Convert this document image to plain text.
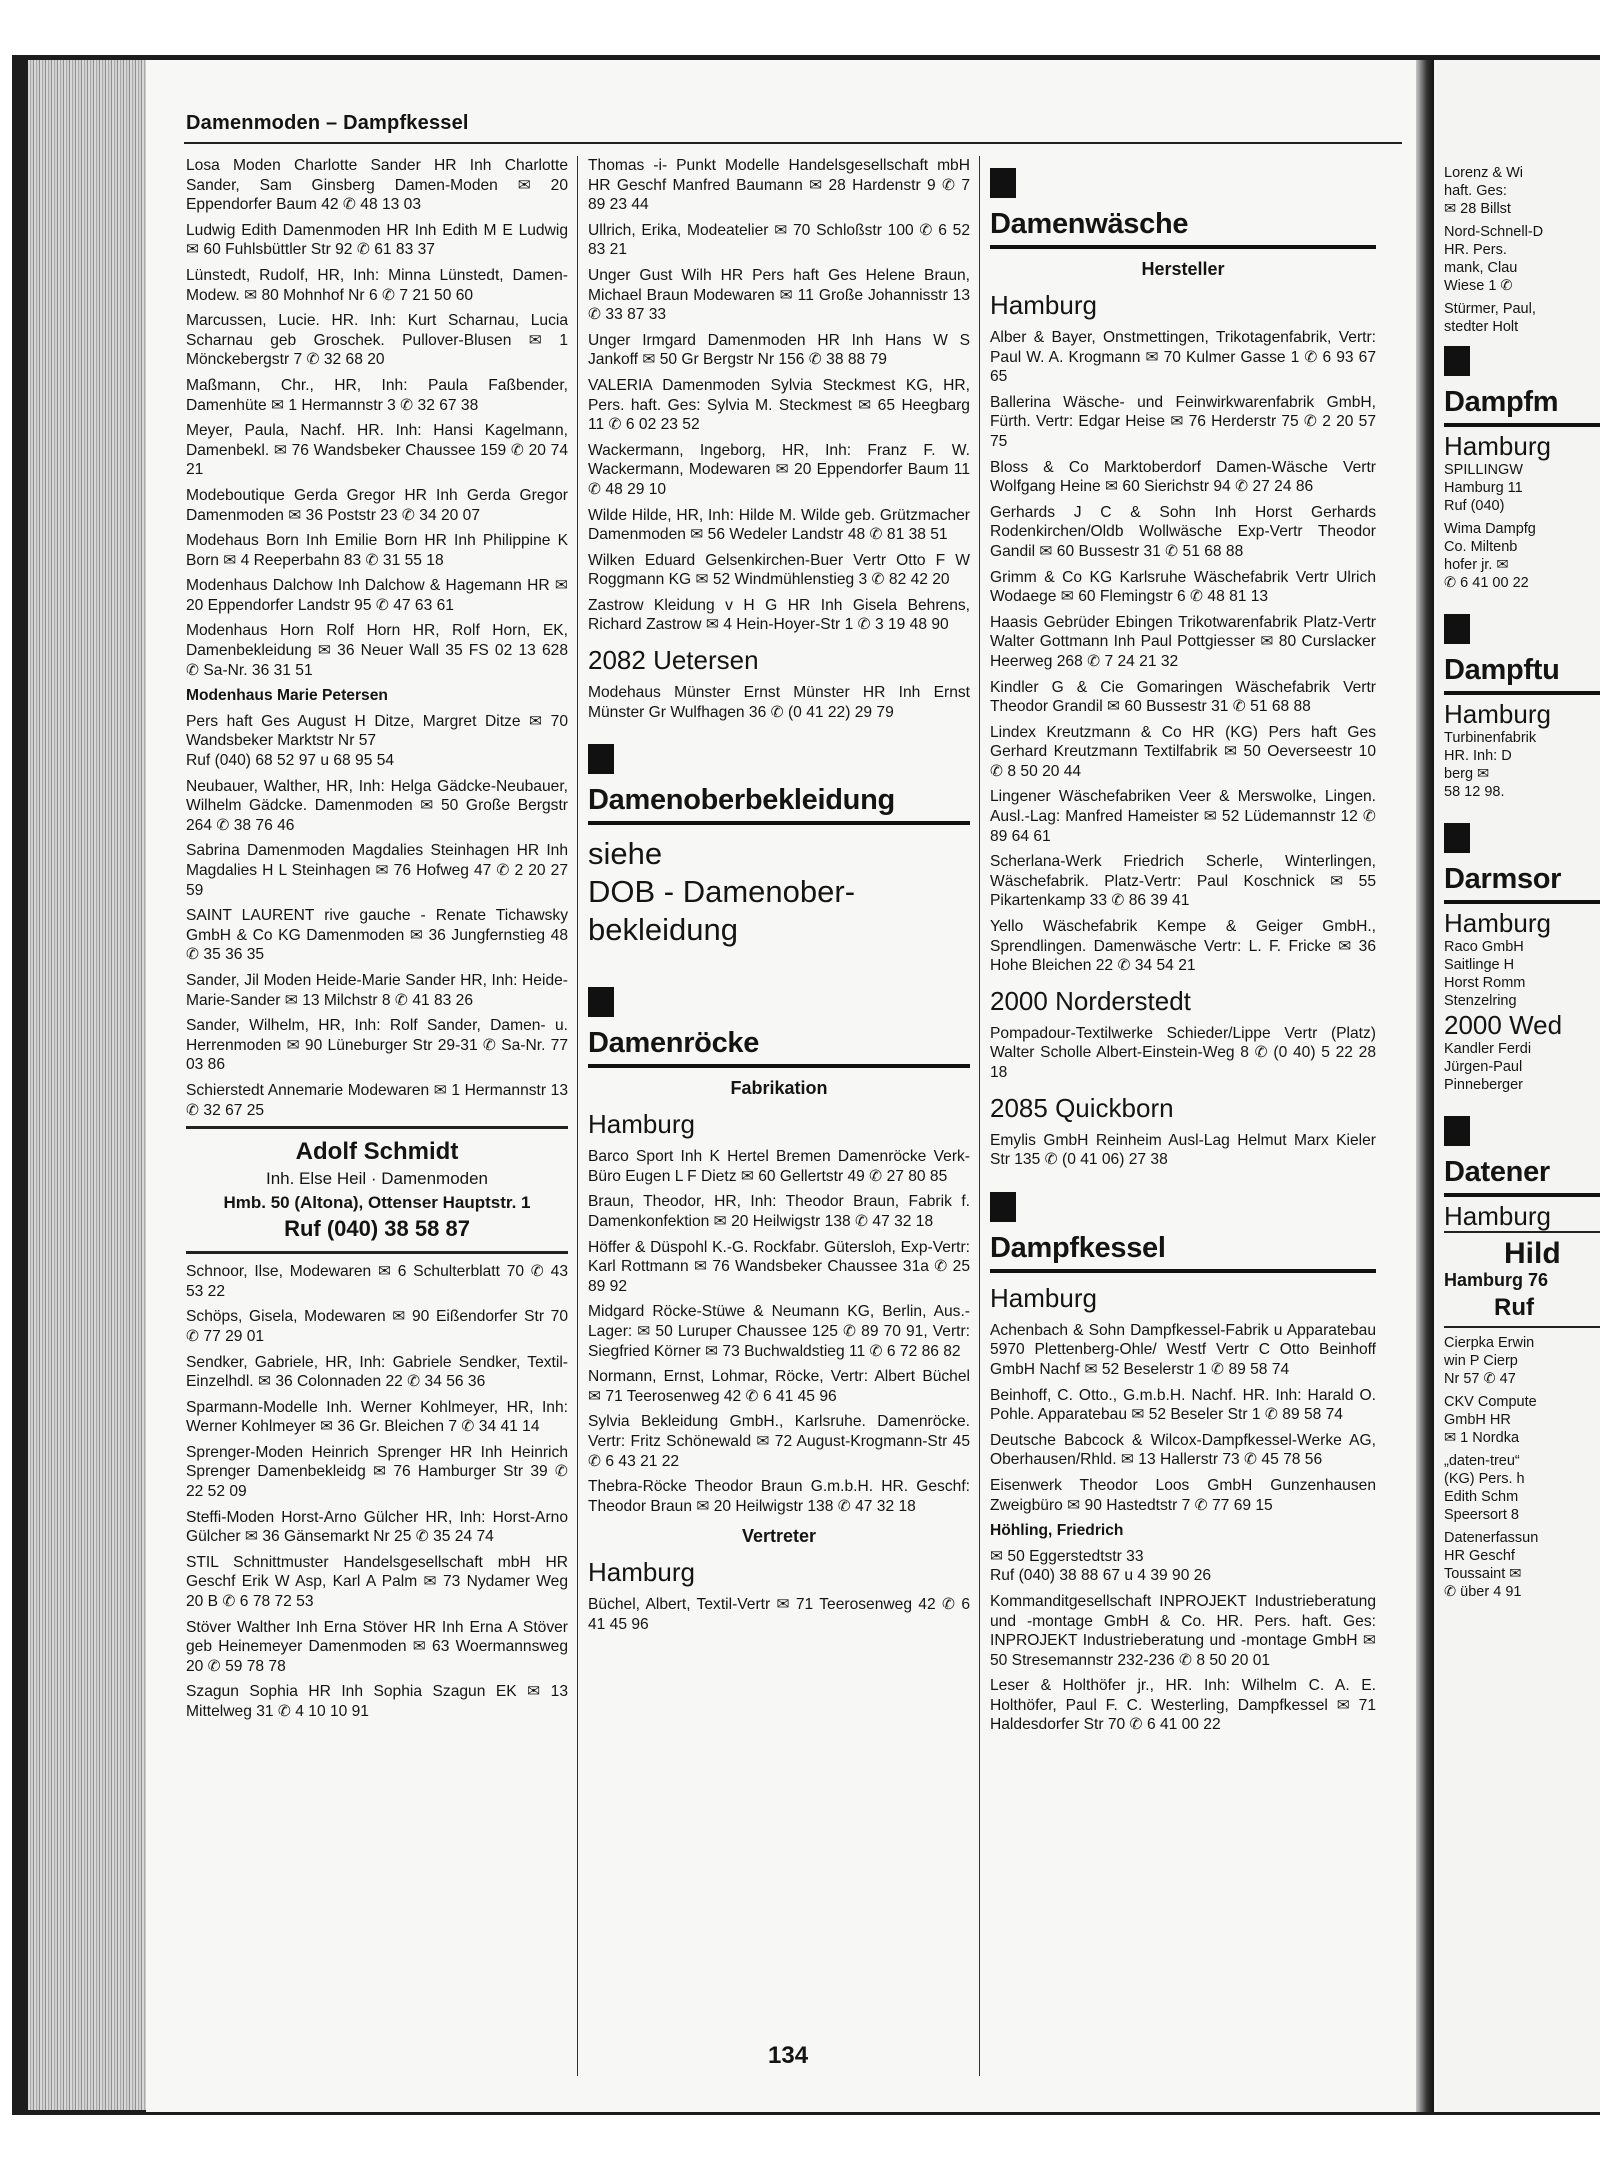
Damenmoden – Dampfkessel
Losa Moden Charlotte Sander HR Inh Charlotte Sander, Sam Ginsberg Damen-Moden ✉ 20 Eppendorfer Baum 42 ✆ 48 13 03
Ludwig Edith Damenmoden HR Inh Edith M E Ludwig ✉ 60 Fuhlsbüttler Str 92 ✆ 61 83 37
Lünstedt, Rudolf, HR, Inh: Minna Lünstedt, Damen-Modew. ✉ 80 Mohnhof Nr 6 ✆ 7 21 50 60
Marcussen, Lucie. HR. Inh: Kurt Scharnau, Lucia Scharnau geb Groschek. Pullover-Blusen ✉ 1 Mönckebergstr 7 ✆ 32 68 20
Maßmann, Chr., HR, Inh: Paula Faßbender, Damenhüte ✉ 1 Hermannstr 3 ✆ 32 67 38
Meyer, Paula, Nachf. HR. Inh: Hansi Kagelmann, Damenbekl. ✉ 76 Wandsbeker Chaussee 159 ✆ 20 74 21
Modeboutique Gerda Gregor HR Inh Gerda Gregor Damenmoden ✉ 36 Poststr 23 ✆ 34 20 07
Modehaus Born Inh Emilie Born HR Inh Philippine K Born ✉ 4 Reeperbahn 83 ✆ 31 55 18
Modenhaus Dalchow Inh Dalchow & Hagemann HR ✉ 20 Eppendorfer Landstr 95 ✆ 47 63 61
Modenhaus Horn Rolf Horn HR, Rolf Horn, EK, Damenbekleidung ✉ 36 Neuer Wall 35 FS 02 13 628 ✆ Sa-Nr. 36 31 51
Modenhaus Marie Petersen
Pers haft Ges August H Ditze, Margret Ditze ✉ 70 Wandsbeker Marktstr Nr 57
Ruf (040) 68 52 97 u 68 95 54
Neubauer, Walther, HR, Inh: Helga Gädcke-Neubauer, Wilhelm Gädcke. Damenmoden ✉ 50 Große Bergstr 264 ✆ 38 76 46
Sabrina Damenmoden Magdalies Steinhagen HR Inh Magdalies H L Steinhagen ✉ 76 Hofweg 47 ✆ 2 20 27 59
SAINT LAURENT rive gauche - Renate Tichawsky GmbH & Co KG Damenmoden ✉ 36 Jungfernstieg 48 ✆ 35 36 35
Sander, Jil Moden Heide-Marie Sander HR, Inh: Heide-Marie-Sander ✉ 13 Milchstr 8 ✆ 41 83 26
Sander, Wilhelm, HR, Inh: Rolf Sander, Damen- u. Herrenmoden ✉ 90 Lüneburger Str 29-31 ✆ Sa-Nr. 77 03 86
Schierstedt Annemarie Modewaren ✉ 1 Hermannstr 13 ✆ 32 67 25
Adolf Schmidt
Inh. Else Heil · Damenmoden
Hmb. 50 (Altona), Ottenser Hauptstr. 1
Ruf (040) 38 58 87
Schnoor, Ilse, Modewaren ✉ 6 Schulterblatt 70 ✆ 43 53 22
Schöps, Gisela, Modewaren ✉ 90 Eißendorfer Str 70 ✆ 77 29 01
Sendker, Gabriele, HR, Inh: Gabriele Sendker, Textil-Einzelhdl. ✉ 36 Colonnaden 22 ✆ 34 56 36
Sparmann-Modelle Inh. Werner Kohlmeyer, HR, Inh: Werner Kohlmeyer ✉ 36 Gr. Bleichen 7 ✆ 34 41 14
Sprenger-Moden Heinrich Sprenger HR Inh Heinrich Sprenger Damenbekleidg ✉ 76 Hamburger Str 39 ✆ 22 52 09
Steffi-Moden Horst-Arno Gülcher HR, Inh: Horst-Arno Gülcher ✉ 36 Gänsemarkt Nr 25 ✆ 35 24 74
STIL Schnittmuster Handelsgesellschaft mbH HR Geschf Erik W Asp, Karl A Palm ✉ 73 Nydamer Weg 20 B ✆ 6 78 72 53
Stöver Walther Inh Erna Stöver HR Inh Erna A Stöver geb Heinemeyer Damenmoden ✉ 63 Woermannsweg 20 ✆ 59 78 78
Szagun Sophia HR Inh Sophia Szagun EK ✉ 13 Mittelweg 31 ✆ 4 10 10 91
Thomas -i- Punkt Modelle Handelsgesellschaft mbH HR Geschf Manfred Baumann ✉ 28 Hardenstr 9 ✆ 7 89 23 44
Ullrich, Erika, Modeatelier ✉ 70 Schloßstr 100 ✆ 6 52 83 21
Unger Gust Wilh HR Pers haft Ges Helene Braun, Michael Braun Modewaren ✉ 11 Große Johannisstr 13 ✆ 33 87 33
Unger Irmgard Damenmoden HR Inh Hans W S Jankoff ✉ 50 Gr Bergstr Nr 156 ✆ 38 88 79
VALERIA Damenmoden Sylvia Steckmest KG, HR, Pers. haft. Ges: Sylvia M. Steckmest ✉ 65 Heegbarg 11 ✆ 6 02 23 52
Wackermann, Ingeborg, HR, Inh: Franz F. W. Wackermann, Modewaren ✉ 20 Eppendorfer Baum 11 ✆ 48 29 10
Wilde Hilde, HR, Inh: Hilde M. Wilde geb. Grützmacher Damenmoden ✉ 56 Wedeler Landstr 48 ✆ 81 38 51
Wilken Eduard Gelsenkirchen-Buer Vertr Otto F W Roggmann KG ✉ 52 Windmühlenstieg 3 ✆ 82 42 20
Zastrow Kleidung v H G HR Inh Gisela Behrens, Richard Zastrow ✉ 4 Hein-Hoyer-Str 1 ✆ 3 19 48 90
2082 Uetersen
Modehaus Münster Ernst Münster HR Inh Ernst Münster Gr Wulfhagen 36 ✆ (0 41 22) 29 79
Damenoberbekleidung
siehe
DOB - Damenober-
bekleidung
Damenröcke
Fabrikation
Hamburg
Barco Sport Inh K Hertel Bremen Damenröcke Verk-Büro Eugen L F Dietz ✉ 60 Gellertstr 49 ✆ 27 80 85
Braun, Theodor, HR, Inh: Theodor Braun, Fabrik f. Damenkonfektion ✉ 20 Heilwigstr 138 ✆ 47 32 18
Höffer & Düspohl K.-G. Rockfabr. Gütersloh, Exp-Vertr: Karl Rottmann ✉ 76 Wandsbeker Chaussee 31a ✆ 25 89 92
Midgard Röcke-Stüwe & Neumann KG, Berlin, Aus.-Lager: ✉ 50 Luruper Chaussee 125 ✆ 89 70 91, Vertr: Siegfried Körner ✉ 73 Buchwaldstieg 11 ✆ 6 72 86 82
Normann, Ernst, Lohmar, Röcke, Vertr: Albert Büchel ✉ 71 Teerosenweg 42 ✆ 6 41 45 96
Sylvia Bekleidung GmbH., Karlsruhe. Damenröcke. Vertr: Fritz Schönewald ✉ 72 August-Krogmann-Str 45 ✆ 6 43 21 22
Thebra-Röcke Theodor Braun G.m.b.H. HR. Geschf: Theodor Braun ✉ 20 Heilwigstr 138 ✆ 47 32 18
Vertreter
Hamburg
Büchel, Albert, Textil-Vertr ✉ 71 Teerosenweg 42 ✆ 6 41 45 96
Damenwäsche
Hersteller
Hamburg
Alber & Bayer, Onstmettingen, Trikotagenfabrik, Vertr: Paul W. A. Krogmann ✉ 70 Kulmer Gasse 1 ✆ 6 93 67 65
Ballerina Wäsche- und Feinwirkwarenfabrik GmbH, Fürth. Vertr: Edgar Heise ✉ 76 Herderstr 75 ✆ 2 20 57 75
Bloss & Co Marktoberdorf Damen-Wäsche Vertr Wolfgang Heine ✉ 60 Sierichstr 94 ✆ 27 24 86
Gerhards J C & Sohn Inh Horst Gerhards Rodenkirchen/Oldb Wollwäsche Exp-Vertr Theodor Gandil ✉ 60 Bussestr 31 ✆ 51 68 88
Grimm & Co KG Karlsruhe Wäschefabrik Vertr Ulrich Wodaege ✉ 60 Flemingstr 6 ✆ 48 81 13
Haasis Gebrüder Ebingen Trikotwarenfabrik Platz-Vertr Walter Gottmann Inh Paul Pottgiesser ✉ 80 Curslacker Heerweg 268 ✆ 7 24 21 32
Kindler G & Cie Gomaringen Wäschefabrik Vertr Theodor Grandil ✉ 60 Bussestr 31 ✆ 51 68 88
Lindex Kreutzmann & Co HR (KG) Pers haft Ges Gerhard Kreutzmann Textilfabrik ✉ 50 Oeverseestr 10 ✆ 8 50 20 44
Lingener Wäschefabriken Veer & Merswolke, Lingen. Ausl.-Lag: Manfred Hameister ✉ 52 Lüdemannstr 12 ✆ 89 64 61
Scherlana-Werk Friedrich Scherle, Winterlingen, Wäschefabrik. Platz-Vertr: Paul Koschnick ✉ 55 Pikartenkamp 33 ✆ 86 39 41
Yello Wäschefabrik Kempe & Geiger GmbH., Sprendlingen. Damenwäsche Vertr: L. F. Fricke ✉ 36 Hohe Bleichen 22 ✆ 34 54 21
2000 Norderstedt
Pompadour-Textilwerke Schieder/Lippe Vertr (Platz) Walter Scholle Albert-Einstein-Weg 8 ✆ (0 40) 5 22 28 18
2085 Quickborn
Emylis GmbH Reinheim Ausl-Lag Helmut Marx Kieler Str 135 ✆ (0 41 06) 27 38
Dampfkessel
Hamburg
Achenbach & Sohn Dampfkessel-Fabrik u Apparatebau 5970 Plettenberg-Ohle/ Westf Vertr C Otto Beinhoff GmbH Nachf ✉ 52 Beselerstr 1 ✆ 89 58 74
Beinhoff, C. Otto., G.m.b.H. Nachf. HR. Inh: Harald O. Pohle. Apparatebau ✉ 52 Beseler Str 1 ✆ 89 58 74
Deutsche Babcock & Wilcox-Dampfkessel-Werke AG, Oberhausen/Rhld. ✉ 13 Hallerstr 73 ✆ 45 78 56
Eisenwerk Theodor Loos GmbH Gunzenhausen Zweigbüro ✉ 90 Hastedtstr 7 ✆ 77 69 15
Höhling, Friedrich
✉ 50 Eggerstedtstr 33
Ruf (040) 38 88 67 u 4 39 90 26
Kommanditgesellschaft INPROJEKT Industrieberatung und -montage GmbH & Co. HR. Pers. haft. Ges: INPROJEKT Industrieberatung und -montage GmbH ✉ 50 Stresemannstr 232-236 ✆ 8 50 20 01
Leser & Holthöfer jr., HR. Inh: Wilhelm C. A. E. Holthöfer, Paul F. C. Westerling, Dampfkessel ✉ 71 Haldesdorfer Str 70 ✆ 6 41 00 22
134
Lorenz & Wi
haft. Ges:
✉ 28 Billst
Nord-Schnell-D
HR. Pers.
mank, Clau
Wiese 1 ✆
Stürmer, Paul,
stedter Holt
Dampfm
Hamburg
SPILLINGW
Hamburg 11
Ruf (040)
Wima Dampfg
Co. Miltenb
hofer jr. ✉
✆ 6 41 00 22
Dampftu
Hamburg
Turbinenfabrik
HR. Inh: D
berg ✉
58 12 98.
Darmsor
Hamburg
Raco GmbH
Saitlinge H
Horst Romm
Stenzelring
2000 Wed
Kandler Ferdi
Jürgen-Paul
Pinneberger
Datener
Hamburg
Hild
Hamburg 76
Ruf
Cierpka Erwin
win P Cierp
Nr 57 ✆ 47
CKV Compute
GmbH HR
✉ 1 Nordka
„daten-treu“
(KG) Pers. h
Edith Schm
Speersort 8
Datenerfassun
HR Geschf
Toussaint ✉
✆ über 4 91
